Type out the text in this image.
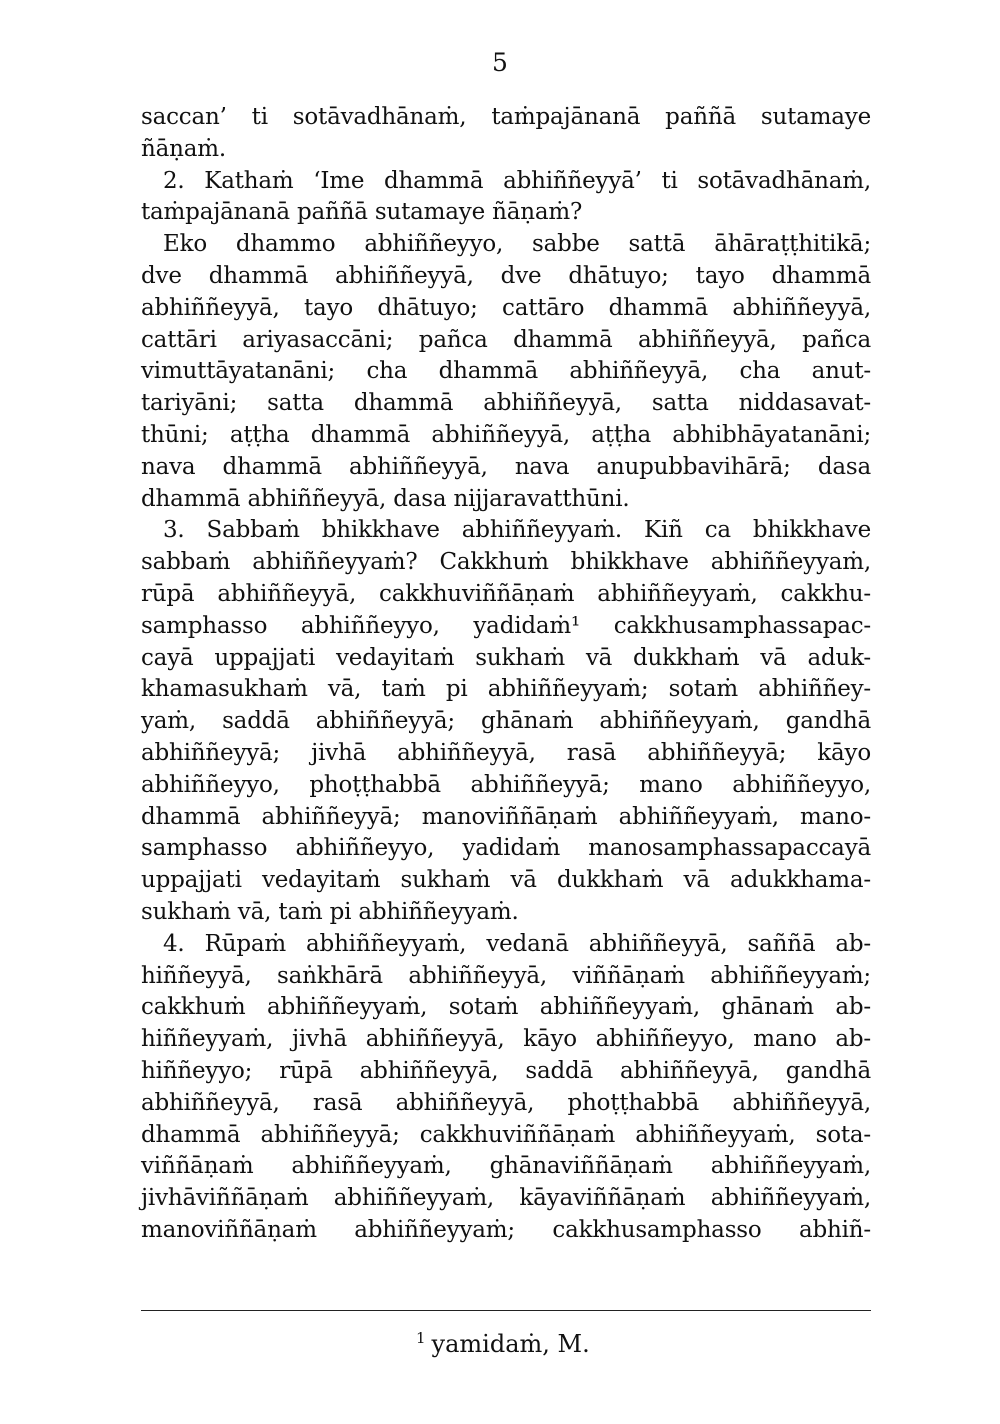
5
saccan’ ti sotāvadhānaṁ, taṁpajānanā paññā sutamaye
ñāṇaṁ.
2. Kathaṁ ‘Ime dhammā abhiññeyyā’ ti sotāvadhānaṁ,
taṁpajānanā paññā sutamaye ñāṇaṁ?
Eko dhammo abhiññeyyo, sabbe sattā āhāraṭṭhitikā;
dve dhammā abhiññeyyā, dve dhātuyo; tayo dhammā
abhiññeyyā, tayo dhātuyo; cattāro dhammā abhiññeyyā,
cattāri ariyasaccāni; pañca dhammā abhiññeyyā, pañca
vimuttāyatanāni; cha dhammā abhiññeyyā, cha anut-
tariyāni; satta dhammā abhiññeyyā, satta niddasavat-
thūni; aṭṭha dhammā abhiññeyyā, aṭṭha abhibhāyatanāni;
nava dhammā abhiññeyyā, nava anupubbavihārā; dasa
dhammā abhiññeyyā, dasa nijjaravatthūni.
3. Sabbaṁ bhikkhave abhiññeyyaṁ. Kiñ ca bhikkhave
sabbaṁ abhiññeyyaṁ? Cakkhuṁ bhikkhave abhiññeyyaṁ,
rūpā abhiññeyyā, cakkhuviññāṇaṁ abhiññeyyaṁ, cakkhu-
samphasso abhiññeyyo, yadidaṁ¹ cakkhusamphassapac-
cayā uppajjati vedayitaṁ sukhaṁ vā dukkhaṁ vā aduk-
khamasukhaṁ vā, taṁ pi abhiññeyyaṁ; sotaṁ abhiññey-
yaṁ, saddā abhiññeyyā; ghānaṁ abhiññeyyaṁ, gandhā
abhiññeyyā; jivhā abhiññeyyā, rasā abhiññeyyā; kāyo
abhiññeyyo, phoṭṭhabbā abhiññeyyā; mano abhiññeyyo,
dhammā abhiññeyyā; manoviññāṇaṁ abhiññeyyaṁ, mano-
samphasso abhiññeyyo, yadidaṁ manosamphassapaccayā
uppajjati vedayitaṁ sukhaṁ vā dukkhaṁ vā adukkhama-
sukhaṁ vā, taṁ pi abhiññeyyaṁ.
4. Rūpaṁ abhiññeyyaṁ, vedanā abhiññeyyā, saññā ab-
hiññeyyā, saṅkhārā abhiññeyyā, viññāṇaṁ abhiññeyyaṁ;
cakkhuṁ abhiññeyyaṁ, sotaṁ abhiññeyyaṁ, ghānaṁ ab-
hiññeyyaṁ, jivhā abhiññeyyā, kāyo abhiññeyyo, mano ab-
hiññeyyo; rūpā abhiññeyyā, saddā abhiññeyyā, gandhā
abhiññeyyā, rasā abhiññeyyā, phoṭṭhabbā abhiññeyyā,
dhammā abhiññeyyā; cakkhuviññāṇaṁ abhiññeyyaṁ, sota-
viññāṇaṁ abhiññeyyaṁ, ghānaviññāṇaṁ abhiññeyyaṁ,
jivhāviññāṇaṁ abhiññeyyaṁ, kāyaviññāṇaṁ abhiññeyyaṁ,
manoviññāṇaṁ abhiññeyyaṁ; cakkhusamphasso abhiñ-
$^1$ yamidaṁ, M.
